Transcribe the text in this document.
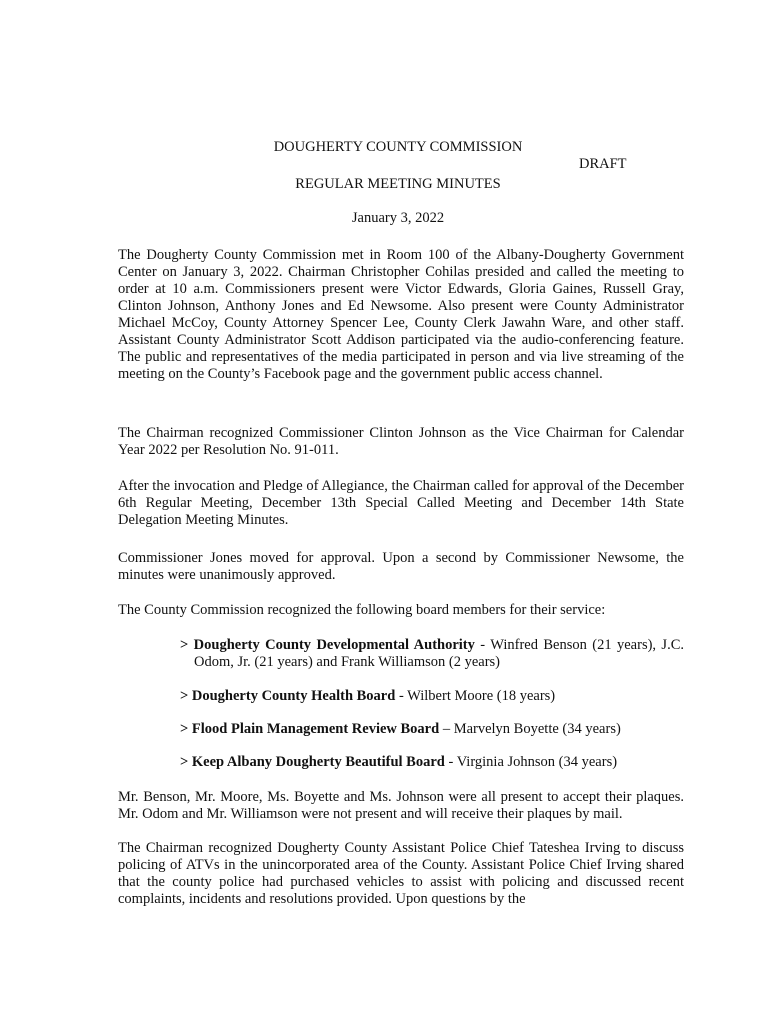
DOUGHERTY COUNTY COMMISSION
DRAFT
REGULAR MEETING MINUTES
January 3, 2022

The Dougherty County Commission met in Room 100 of the Albany-Dougherty Government Center on January 3, 2022. Chairman Christopher Cohilas presided and called the meeting to order at 10 a.m. Commissioners present were Victor Edwards, Gloria Gaines, Russell Gray, Clinton Johnson, Anthony Jones and Ed Newsome. Also present were County Administrator Michael McCoy, County Attorney Spencer Lee, County Clerk Jawahn Ware, and other staff. Assistant County Administrator Scott Addison participated via the audio-conferencing feature. The public and representatives of the media participated in person and via live streaming of the meeting on the County’s Facebook page and the government public access channel.

The Chairman recognized Commissioner Clinton Johnson as the Vice Chairman for Calendar Year 2022 per Resolution No. 91-011.

After the invocation and Pledge of Allegiance, the Chairman called for approval of the December 6th Regular Meeting, December 13th Special Called Meeting and December 14th State Delegation Meeting Minutes.

Commissioner Jones moved for approval. Upon a second by Commissioner Newsome, the minutes were unanimously approved.

The County Commission recognized the following board members for their service:

> Dougherty County Developmental Authority - Winfred Benson (21 years), J.C. Odom, Jr. (21 years) and Frank Williamson (2 years)

> Dougherty County Health Board - Wilbert Moore (18 years)

> Flood Plain Management Review Board – Marvelyn Boyette (34 years)

> Keep Albany Dougherty Beautiful Board - Virginia Johnson (34 years)

Mr. Benson, Mr. Moore, Ms. Boyette and Ms. Johnson were all present to accept their plaques. Mr. Odom and Mr. Williamson were not present and will receive their plaques by mail.

The Chairman recognized Dougherty County Assistant Police Chief Tateshea Irving to discuss policing of ATVs in the unincorporated area of the County. Assistant Police Chief Irving shared that the county police had purchased vehicles to assist with policing and discussed recent complaints, incidents and resolutions provided. Upon questions by the
